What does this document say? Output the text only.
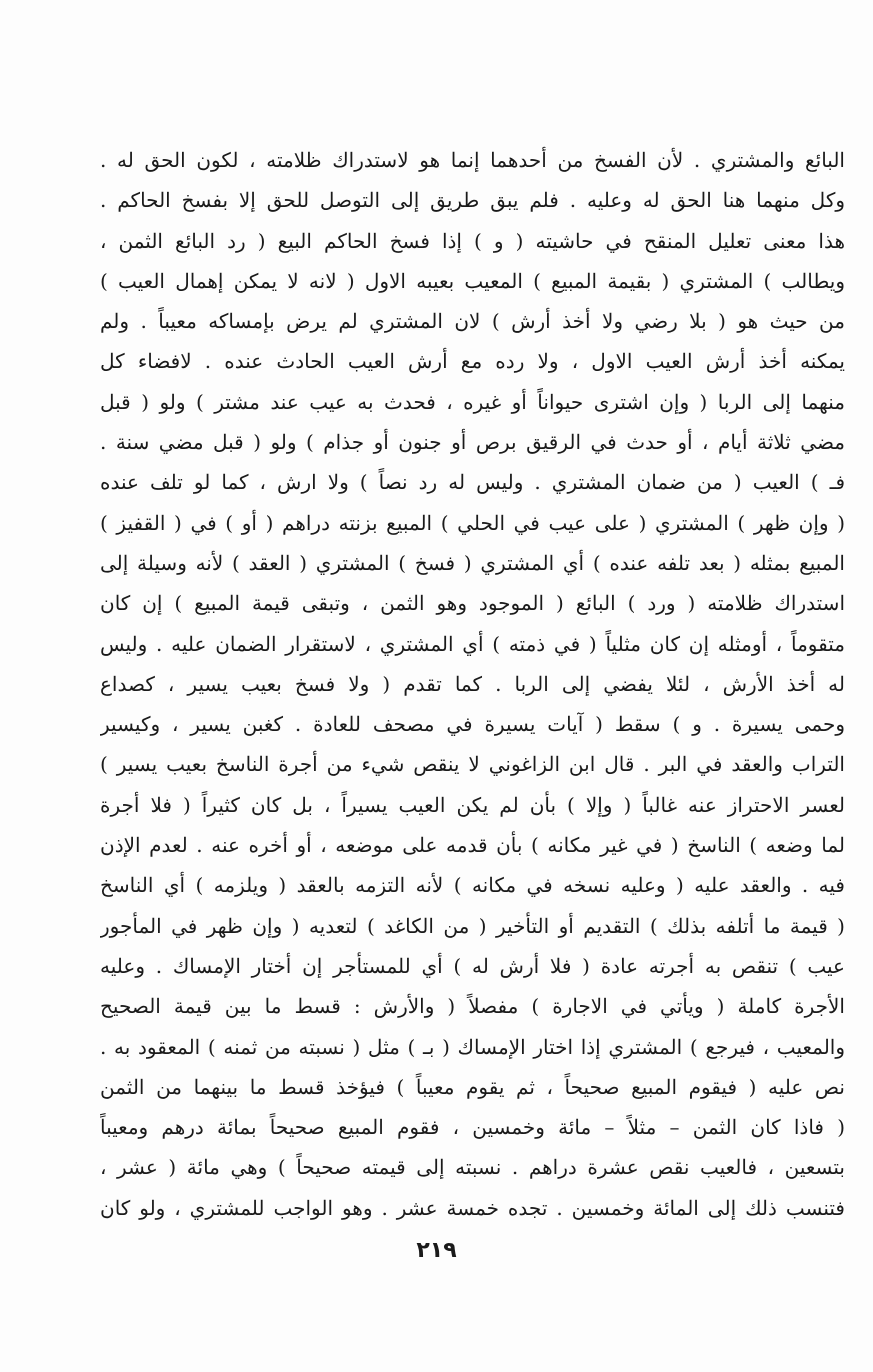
البائع والمشتري . لأن الفسخ من أحدهما إنما هو لاستدراك ظلامته ، لكون الحق له .
وكل منهما هنا الحق له وعليه . فلم يبق طريق إلى التوصل للحق إلا بفسخ الحاكم .
هذا معنى تعليل المنقح في حاشيته ( و ) إذا فسخ الحاكم البيع ( رد البائع الثمن ،
ويطالب ) المشتري ( بقيمة المبيع ) المعيب بعيبه الاول ( لانه لا يمكن إهمال العيب )
من حيث هو ( بلا رضي ولا أخذ أرش ) لان المشتري لم يرض بإمساكه معيباً . ولم
يمكنه أخذ أرش العيب الاول ، ولا رده مع أرش العيب الحادث عنده . لافضاء كل
منهما إلى الربا ( وإن اشترى حيواناً أو غيره ، فحدث به عيب عند مشتر ) ولو ( قبل
مضي ثلاثة أيام ، أو حدث في الرقيق برص أو جنون أو جذام ) ولو ( قبل مضي سنة .
فـ ) العيب ( من ضمان المشتري . وليس له رد نصاً ) ولا ارش ، كما لو تلف عنده
( وإن ظهر ) المشتري ( على عيب في الحلي ) المبيع بزنته دراهم ( أو ) في ( القفيز )
المبيع بمثله ( بعد تلفه عنده ) أي المشتري ( فسخ ) المشتري ( العقد ) لأنه وسيلة إلى
استدراك ظلامته ( ورد ) البائع ( الموجود وهو الثمن ، وتبقى قيمة المبيع ) إن كان
متقوماً ، أومثله إن كان مثلياً ( في ذمته ) أي المشتري ، لاستقرار الضمان عليه . وليس
له أخذ الأرش ، لئلا يفضي إلى الربا . كما تقدم ( ولا فسخ بعيب يسير ، كصداع
وحمى يسيرة . و ) سقط ( آيات يسيرة في مصحف للعادة . كغبن يسير ، وكيسير
التراب والعقد في البر . قال ابن الزاغوني لا ينقص شيء من أجرة الناسخ بعيب يسير )
لعسر الاحتراز عنه غالباً ( وإلا ) بأن لم يكن العيب يسيراً ، بل كان كثيراً ( فلا أجرة
لما وضعه ) الناسخ ( في غير مكانه ) بأن قدمه على موضعه ، أو أخره عنه . لعدم الإذن
فيه . والعقد عليه ( وعليه نسخه في مكانه ) لأنه التزمه بالعقد ( ويلزمه ) أي الناسخ
( قيمة ما أتلفه بذلك ) التقديم أو التأخير ( من الكاغد ) لتعديه ( وإن ظهر في المأجور
عيب ) تنقص به أجرته عادة ( فلا أرش له ) أي للمستأجر إن أختار الإمساك . وعليه
الأجرة كاملة ( ويأتي في الاجارة ) مفصلاً ( والأرش : قسط ما بين قيمة الصحيح
والمعيب ، فيرجع ) المشتري إذا اختار الإمساك ( بـ ) مثل ( نسبته من ثمنه ) المعقود به .
نص عليه ( فيقوم المبيع صحيحاً ، ثم يقوم معيباً ) فيؤخذ قسط ما بينهما من الثمن
( فاذا كان الثمن – مثلاً – مائة وخمسين ، فقوم المبيع صحيحاً بمائة درهم ومعيباً
بتسعين ، فالعيب نقص عشرة دراهم . نسبته إلى قيمته صحيحاً ) وهي مائة ( عشر ،
فتنسب ذلك إلى المائة وخمسين . تجده خمسة عشر . وهو الواجب للمشتري ، ولو كان
٢١٩
